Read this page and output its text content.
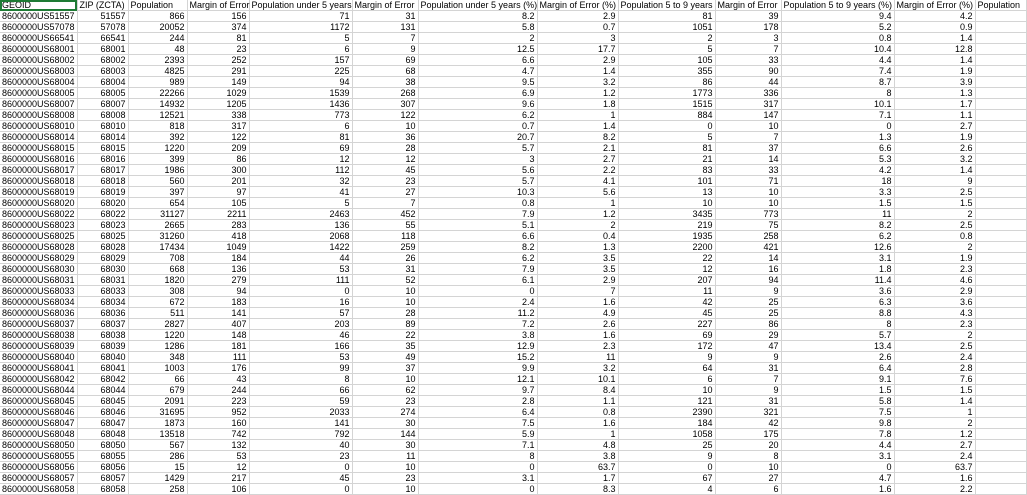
GEOID	ZIP (ZCTA)	Population	Margin of Error	Population under 5 years	Margin of Error	Population under 5 years (%)	Margin of Error (%)	Population 5 to 9 years	Margin of Error	Population 5 to 9 years (%)	Margin of Error (%)	Population
8600000US51557	51557	866	156	71	31	8.2	2.9	81	39	9.4	4.2	
8600000US57078	57078	20052	374	1172	131	5.8	0.7	1051	178	5.2	0.9	
8600000US66541	66541	244	81	5	7	2	3	2	3	0.8	1.4	
8600000US68001	68001	48	23	6	9	12.5	17.7	5	7	10.4	12.8	
8600000US68002	68002	2393	252	157	69	6.6	2.9	105	33	4.4	1.4	
8600000US68003	68003	4825	291	225	68	4.7	1.4	355	90	7.4	1.9	
8600000US68004	68004	989	149	94	38	9.5	3.2	86	44	8.7	3.9	
8600000US68005	68005	22266	1029	1539	268	6.9	1.2	1773	336	8	1.3	
8600000US68007	68007	14932	1205	1436	307	9.6	1.8	1515	317	10.1	1.7	
8600000US68008	68008	12521	338	773	122	6.2	1	884	147	7.1	1.1	
8600000US68010	68010	818	317	6	10	0.7	1.4	0	10	0	2.7	
8600000US68014	68014	392	122	81	36	20.7	8.2	5	7	1.3	1.9	
8600000US68015	68015	1220	209	69	28	5.7	2.1	81	37	6.6	2.6	
8600000US68016	68016	399	86	12	12	3	2.7	21	14	5.3	3.2	
8600000US68017	68017	1986	300	112	45	5.6	2.2	83	33	4.2	1.4	
8600000US68018	68018	560	201	32	23	5.7	4.1	101	71	18	9	
8600000US68019	68019	397	97	41	27	10.3	5.6	13	10	3.3	2.5	
8600000US68020	68020	654	105	5	7	0.8	1	10	10	1.5	1.5	
8600000US68022	68022	31127	2211	2463	452	7.9	1.2	3435	773	11	2	
8600000US68023	68023	2665	283	136	55	5.1	2	219	75	8.2	2.5	
8600000US68025	68025	31260	418	2068	118	6.6	0.4	1935	258	6.2	0.8	
8600000US68028	68028	17434	1049	1422	259	8.2	1.3	2200	421	12.6	2	
8600000US68029	68029	708	184	44	26	6.2	3.5	22	14	3.1	1.9	
8600000US68030	68030	668	136	53	31	7.9	3.5	12	16	1.8	2.3	
8600000US68031	68031	1820	279	111	52	6.1	2.9	207	94	11.4	4.6	
8600000US68033	68033	308	94	0	10	0	7	11	9	3.6	2.9	
8600000US68034	68034	672	183	16	10	2.4	1.6	42	25	6.3	3.6	
8600000US68036	68036	511	141	57	28	11.2	4.9	45	25	8.8	4.3	
8600000US68037	68037	2827	407	203	89	7.2	2.6	227	86	8	2.3	
8600000US68038	68038	1220	148	46	22	3.8	1.6	69	29	5.7	2	
8600000US68039	68039	1286	181	166	35	12.9	2.3	172	47	13.4	2.5	
8600000US68040	68040	348	111	53	49	15.2	11	9	9	2.6	2.4	
8600000US68041	68041	1003	176	99	37	9.9	3.2	64	31	6.4	2.8	
8600000US68042	68042	66	43	8	10	12.1	10.1	6	7	9.1	7.6	
8600000US68044	68044	679	244	66	62	9.7	8.4	10	9	1.5	1.5	
8600000US68045	68045	2091	223	59	23	2.8	1.1	121	31	5.8	1.4	
8600000US68046	68046	31695	952	2033	274	6.4	0.8	2390	321	7.5	1	
8600000US68047	68047	1873	160	141	30	7.5	1.6	184	42	9.8	2	
8600000US68048	68048	13518	742	792	144	5.9	1	1058	175	7.8	1.2	
8600000US68050	68050	567	132	40	30	7.1	4.8	25	20	4.4	2.7	
8600000US68055	68055	286	53	23	11	8	3.8	9	8	3.1	2.4	
8600000US68056	68056	15	12	0	10	0	63.7	0	10	0	63.7	
8600000US68057	68057	1429	217	45	23	3.1	1.7	67	27	4.7	1.6	
8600000US68058	68058	258	106	0	10	0	8.3	4	6	1.6	2.2	
